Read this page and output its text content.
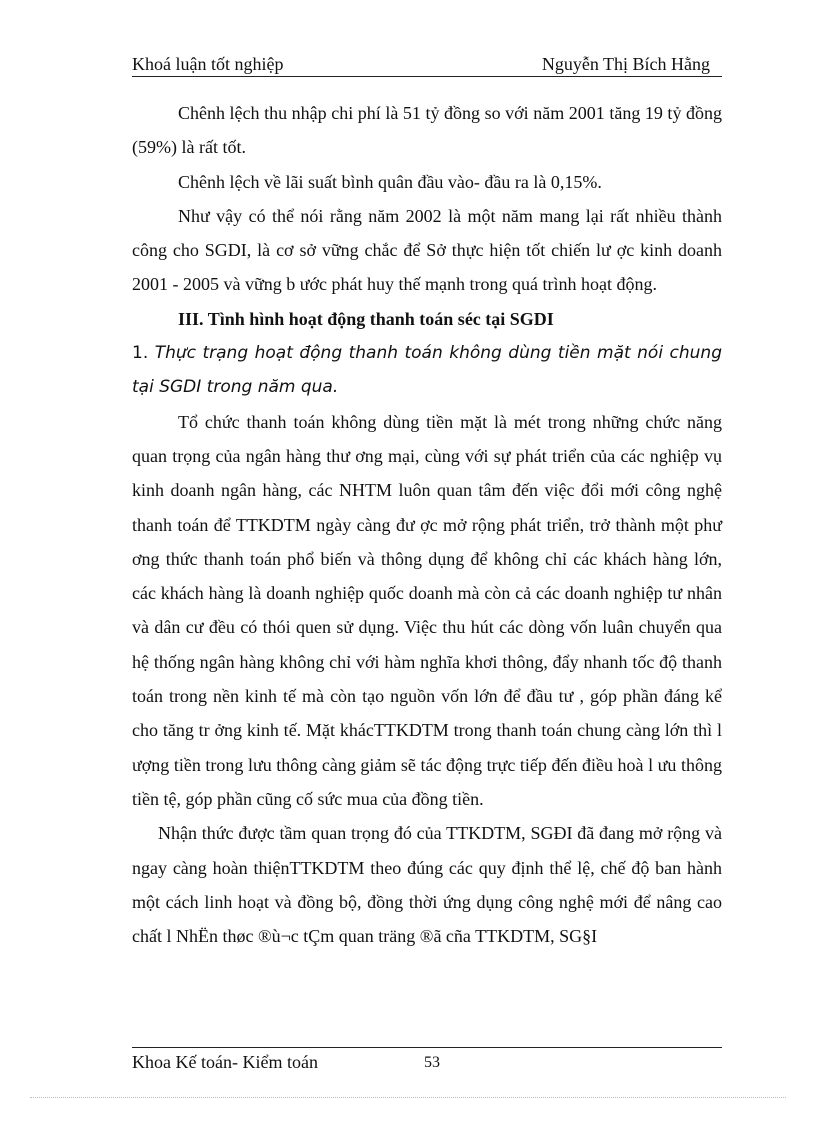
Khoá luận tốt nghiệp	Nguyễn Thị Bích Hằng

Chênh lệch thu nhập chi phí là 51 tỷ đồng so với năm 2001 tăng 19 tỷ đồng (59%) là rất tốt.

Chênh lệch về lãi suất bình quân đầu vào- đầu ra là 0,15%.

Như vậy có thể nói rằng năm 2002 là một năm mang lại rất nhiều thành công cho SGDI, là cơ sở vững chắc để Sở thực hiện tốt chiến lư ợc kinh doanh 2001 - 2005 và vững b ước phát huy thế mạnh trong quá trình hoạt động.

III. Tình hình hoạt động thanh toán séc tại SGDI

1. Thực trạng hoạt động thanh toán không dùng tiền mặt nói chung tại SGDI trong năm qua.

Tổ chức thanh toán không dùng tiền mặt là mét trong những chức năng quan trọng của ngân hàng thư ơng mại, cùng với sự phát triển của các nghiệp vụ kinh doanh ngân hàng, các NHTM luôn quan tâm đến việc đổi mới công nghệ thanh toán để TTKDTM ngày càng đư ợc mở rộng phát triển, trở thành một phư ơng thức thanh toán phổ biến và thông dụng để không chỉ các khách hàng lớn, các khách hàng là doanh nghiệp quốc doanh mà còn cả các doanh nghiệp tư nhân và dân cư đều có thói quen sử dụng. Việc thu hút các dòng vốn luân chuyển qua hệ thống ngân hàng không chỉ với hàm nghĩa khơi thông, đẩy nhanh tốc độ thanh toán trong nền kinh tế mà còn tạo nguồn vốn lớn để đầu tư , góp phần đáng kể cho tăng tr ởng kinh tế. Mặt khácTTKDTM trong thanh toán chung càng lớn thì l ượng tiền trong lưu thông càng giảm sẽ tác động trực tiếp đến điều hoà l ưu thông tiền tệ, góp phần cũng cố sức mua của đồng tiền.

Nhận thức được tầm quan trọng đó của TTKDTM, SGĐI đã đang mở rộng và ngay càng hoàn thiệnTTKDTM theo đúng các quy định thể lệ, chế độ ban hành một cách linh hoạt và đồng bộ, đồng thời ứng dụng công nghệ mới để nâng cao chất l NhËn thøc ®ù¬c tÇm quan träng ®ã cña TTKDTM, SG§I

Khoa Kế toán- Kiểm toán	53
